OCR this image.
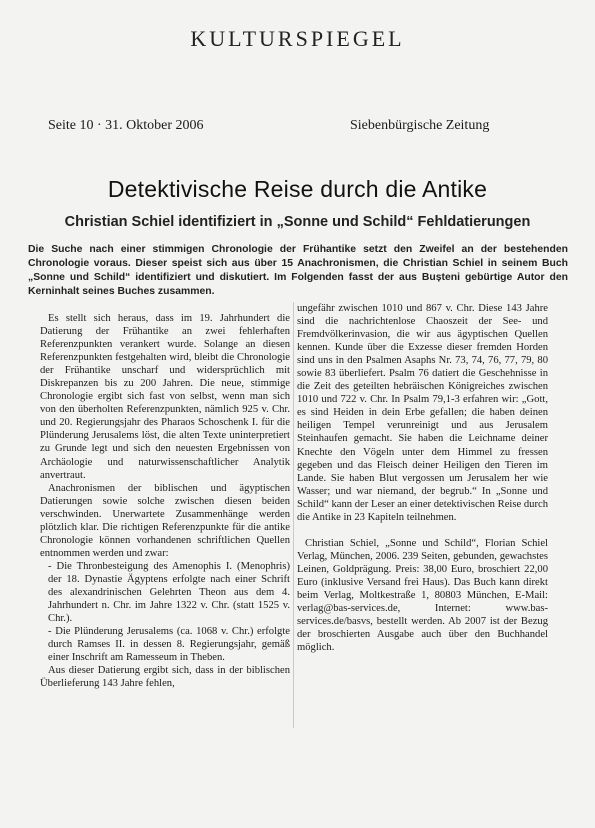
KULTURSPIEGEL
Seite 10 · 31. Oktober 2006	Siebenbürgische Zeitung
Detektivische Reise durch die Antike
Christian Schiel identifiziert in „Sonne und Schild“ Fehldatierungen
Die Suche nach einer stimmigen Chronologie der Frühantike setzt den Zweifel an der bestehenden Chronologie voraus. Dieser speist sich aus über 15 Anachronismen, die Christian Schiel in seinem Buch „Sonne und Schild“ identifiziert und diskutiert. Im Folgenden fasst der aus Bușteni gebürtige Autor den Kerninhalt seines Buches zusammen.

Es stellt sich heraus, dass im 19. Jahrhundert die Datierung der Frühantike an zwei fehlerhaften Referenzpunkten verankert wurde. Solange an diesen Referenzpunkten festgehalten wird, bleibt die Chronologie der Frühantike unscharf und widersprüchlich mit Diskrepanzen bis zu 200 Jahren. Die neue, stimmige Chronologie ergibt sich fast von selbst, wenn man sich von den überholten Referenzpunkten, nämlich 925 v. Chr. und 20. Regierungsjahr des Pharaos Schoschenk I. für die Plünderung Jerusalems löst, die alten Texte uninterpretiert zu Grunde legt und sich den neuesten Ergebnissen von Archäologie und naturwissenschaftlicher Analytik anvertraut.

Anachronismen der biblischen und ägyptischen Datierungen sowie solche zwischen diesen beiden verschwinden. Unerwartete Zusammenhänge werden plötzlich klar. Die richtigen Referenzpunkte für die antike Chronologie können vorhandenen schriftlichen Quellen entnommen werden und zwar:

- Die Thronbesteigung des Amenophis I. (Menophris) der 18. Dynastie Ägyptens erfolgte nach einer Schrift des alexandrinischen Gelehrten Theon aus dem 4. Jahrhundert n. Chr. im Jahre 1322 v. Chr. (statt 1525 v. Chr.).

- Die Plünderung Jerusalems (ca. 1068 v. Chr.) erfolgte durch Ramses II. in dessen 8. Regierungsjahr, gemäß einer Inschrift am Ramesseum in Theben.

Aus dieser Datierung ergibt sich, dass in der biblischen Überlieferung 143 Jahre fehlen,

ungefähr zwischen 1010 und 867 v. Chr. Diese 143 Jahre sind die nachrichtenlose Chaoszeit der See- und Fremdvölkerinvasion, die wir aus ägyptischen Quellen kennen. Kunde über die Exzesse dieser fremden Horden sind uns in den Psalmen Asaphs Nr. 73, 74, 76, 77, 79, 80 sowie 83 überliefert. Psalm 76 datiert die Geschehnisse in die Zeit des geteilten hebräischen Königreiches zwischen 1010 und 722 v. Chr. In Psalm 79,1-3 erfahren wir: „Gott, es sind Heiden in dein Erbe gefallen; die haben deinen heiligen Tempel verunreinigt und aus Jerusalem Steinhaufen gemacht. Sie haben die Leichname deiner Knechte den Vögeln unter dem Himmel zu fressen gegeben und das Fleisch deiner Heiligen den Tieren im Lande. Sie haben Blut vergossen um Jerusalem her wie Wasser; und war niemand, der begrub.“ In „Sonne und Schild“ kann der Leser an einer detektivischen Reise durch die Antike in 23 Kapiteln teilnehmen.

Christian Schiel, „Sonne und Schild“, Florian Schiel Verlag, München, 2006. 239 Seiten, gebunden, gewachstes Leinen, Goldprägung. Preis: 38,00 Euro, broschiert 22,00 Euro (inklusive Versand frei Haus). Das Buch kann direkt beim Verlag, Moltkestraße 1, 80803 München, E-Mail: verlag@bas-services.de, Internet: www.bas-services.de/basvs, bestellt werden. Ab 2007 ist der Bezug der broschierten Ausgabe auch über den Buchhandel möglich.
